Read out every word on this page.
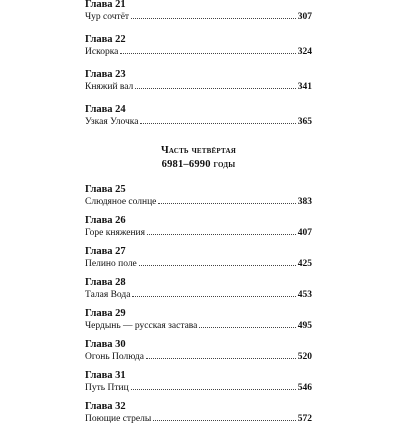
Глава 21
Чур сочтёт	307
Глава 22
Искорка	324
Глава 23
Княжий вал	341
Глава 24
Узкая Улочка	365
Часть четвёртая
6981–6990 годы
Глава 25
Слюдяное солнце	383
Глава 26
Горе княжения	407
Глава 27
Пелино поле	425
Глава 28
Талая Вода	453
Глава 29
Чердынь — русская застава	495
Глава 30
Огонь Полюда	520
Глава 31
Путь Птиц	546
Глава 32
Поющие стрелы	572
